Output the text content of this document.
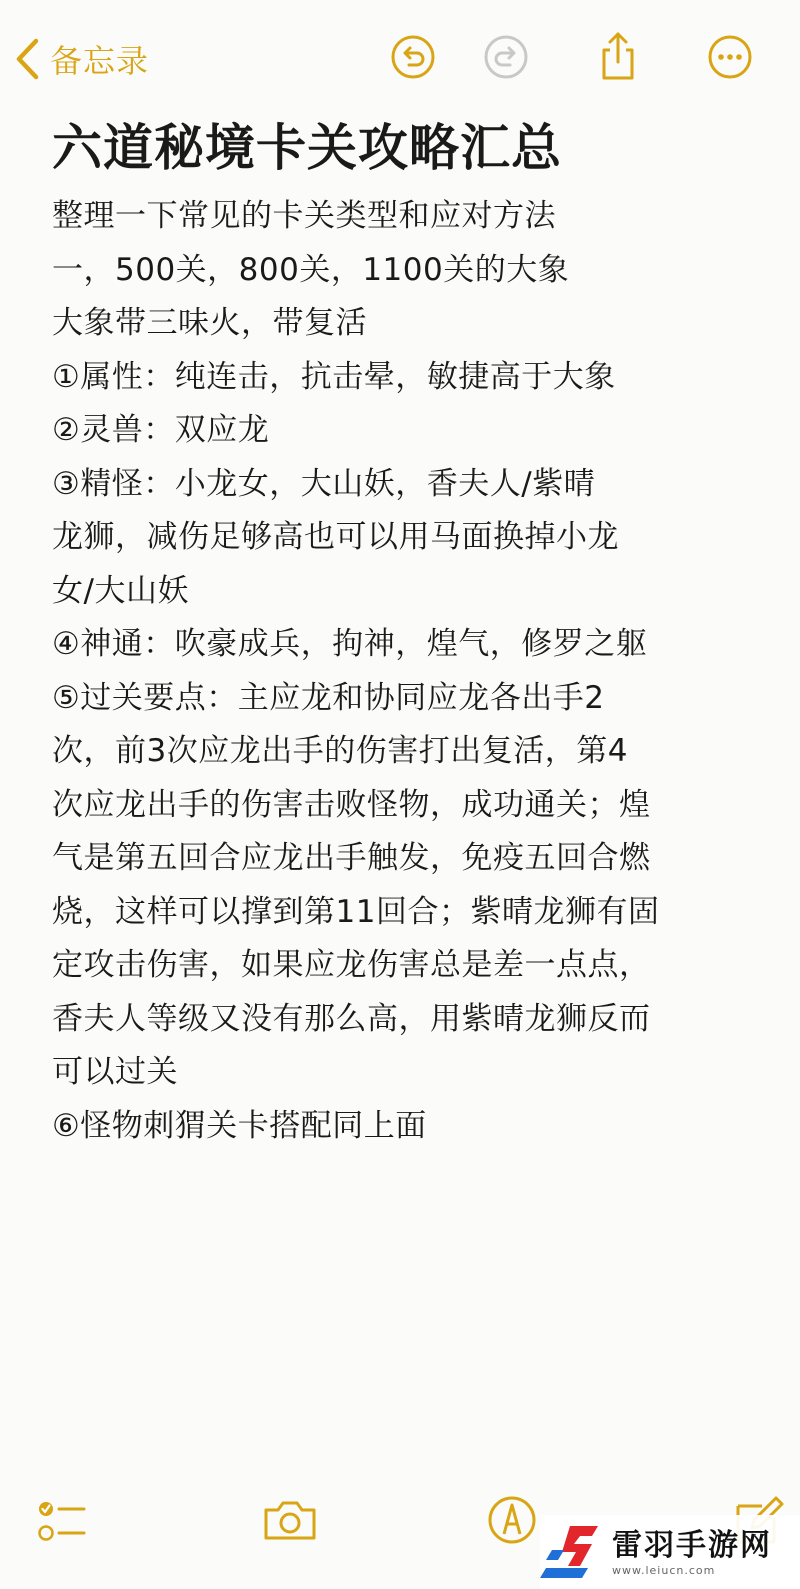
备忘录
六道秘境卡关攻略汇总
整理一下常见的卡关类型和应对方法
一，500关，800关，1100关的大象
大象带三味火，带复活
①属性：纯连击，抗击晕，敏捷高于大象
②灵兽：双应龙
③精怪：小龙女，大山妖，香夫人/紫晴
龙狮，减伤足够高也可以用马面换掉小龙
女/大山妖
④神通：吹豪成兵，拘神，煌气，修罗之躯
⑤过关要点：主应龙和协同应龙各出手2
次，前3次应龙出手的伤害打出复活，第4
次应龙出手的伤害击败怪物，成功通关；煌
气是第五回合应龙出手触发，免疫五回合燃
烧，这样可以撑到第11回合；紫晴龙狮有固
定攻击伤害，如果应龙伤害总是差一点点，
香夫人等级又没有那么高，用紫晴龙狮反而
可以过关
⑥怪物刺猬关卡搭配同上面
雷羽手游网
www.leiucn.com
